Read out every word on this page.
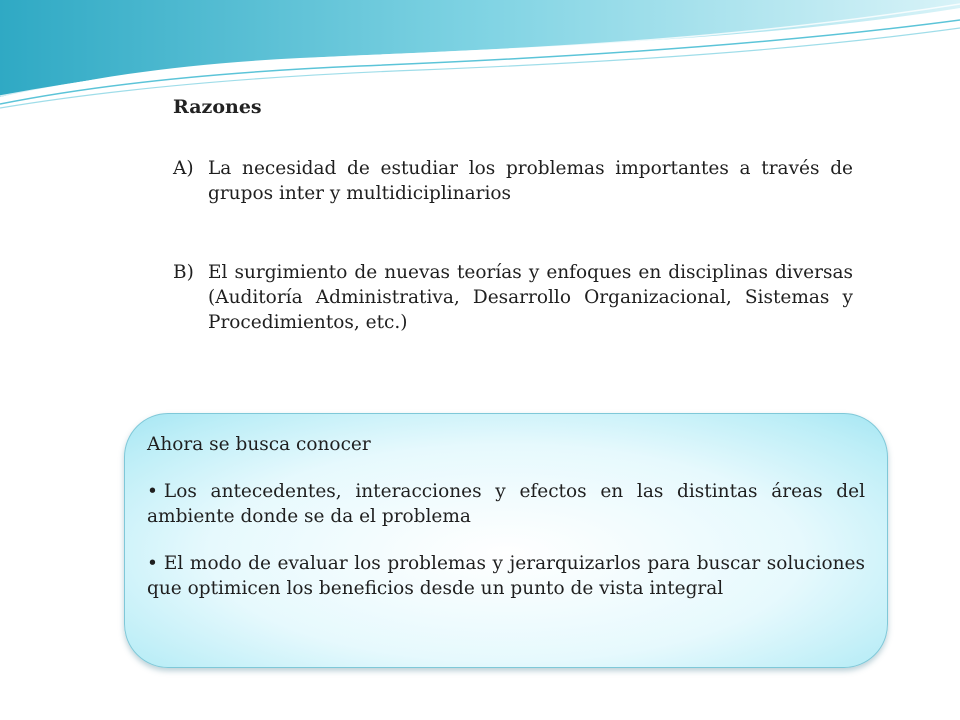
Razones
A) La necesidad de estudiar los problemas importantes a través de grupos inter y multidiciplinarios
B) El surgimiento de nuevas teorías y enfoques en disciplinas diversas (Auditoría Administrativa, Desarrollo Organizacional, Sistemas y Procedimientos, etc.)
Ahora se busca conocer
• Los antecedentes, interacciones y efectos en las distintas áreas del ambiente donde se da el problema
• El modo de evaluar los problemas y jerarquizarlos para buscar soluciones que optimicen los beneficios desde un punto de vista integral
